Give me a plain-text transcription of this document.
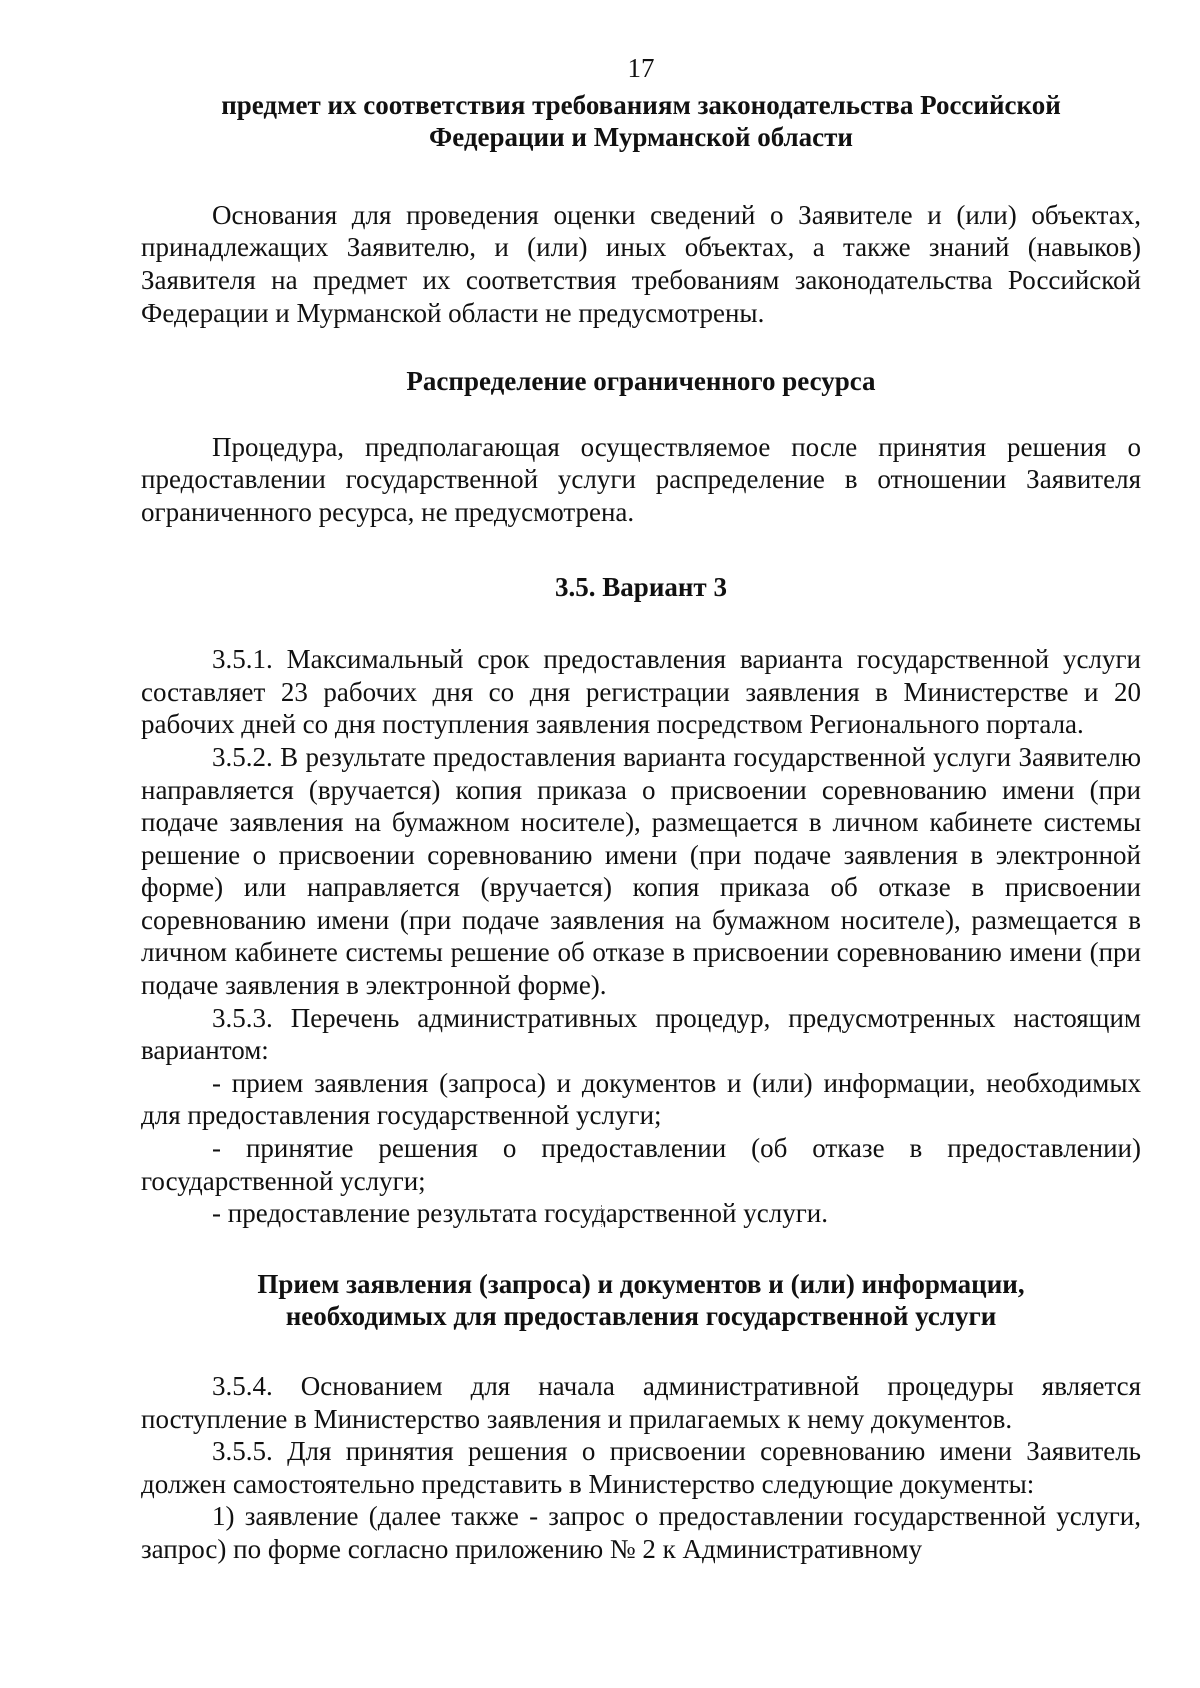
17
предмет их соответствия требованиям законодательства Российской
Федерации и Мурманской области

Основания для проведения оценки сведений о Заявителе и (или) объектах, принадлежащих Заявителю, и (или) иных объектах, а также знаний (навыков) Заявителя на предмет их соответствия требованиям законодательства Российской Федерации и Мурманской области не предусмотрены.

Распределение ограниченного ресурса

Процедура, предполагающая осуществляемое после принятия решения о предоставлении государственной услуги распределение в отношении Заявителя ограниченного ресурса, не предусмотрена.

3.5. Вариант 3

3.5.1. Максимальный срок предоставления варианта государственной услуги составляет 23 рабочих дня со дня регистрации заявления в Министерстве и 20 рабочих дней со дня поступления заявления посредством Регионального портала.

3.5.2. В результате предоставления варианта государственной услуги Заявителю направляется (вручается) копия приказа о присвоении соревнованию имени (при подаче заявления на бумажном носителе), размещается в личном кабинете системы решение о присвоении соревнованию имени (при подаче заявления в электронной форме) или направляется (вручается) копия приказа об отказе в присвоении соревнованию имени (при подаче заявления на бумажном носителе), размещается в личном кабинете системы решение об отказе в присвоении соревнованию имени (при подаче заявления в электронной форме).

3.5.3. Перечень административных процедур, предусмотренных настоящим вариантом:

- прием заявления (запроса) и документов и (или) информации, необходимых для предоставления государственной услуги;

- принятие решения о предоставлении (об отказе в предоставлении) государственной услуги;

- предоставление результата государственной услуги.

Прием заявления (запроса) и документов и (или) информации,
необходимых для предоставления государственной услуги

3.5.4. Основанием для начала административной процедуры является поступление в Министерство заявления и прилагаемых к нему документов.

3.5.5. Для принятия решения о присвоении соревнованию имени Заявитель должен самостоятельно представить в Министерство следующие документы:

1) заявление (далее также - запрос о предоставлении государственной услуги, запрос) по форме согласно приложению № 2 к Административному
